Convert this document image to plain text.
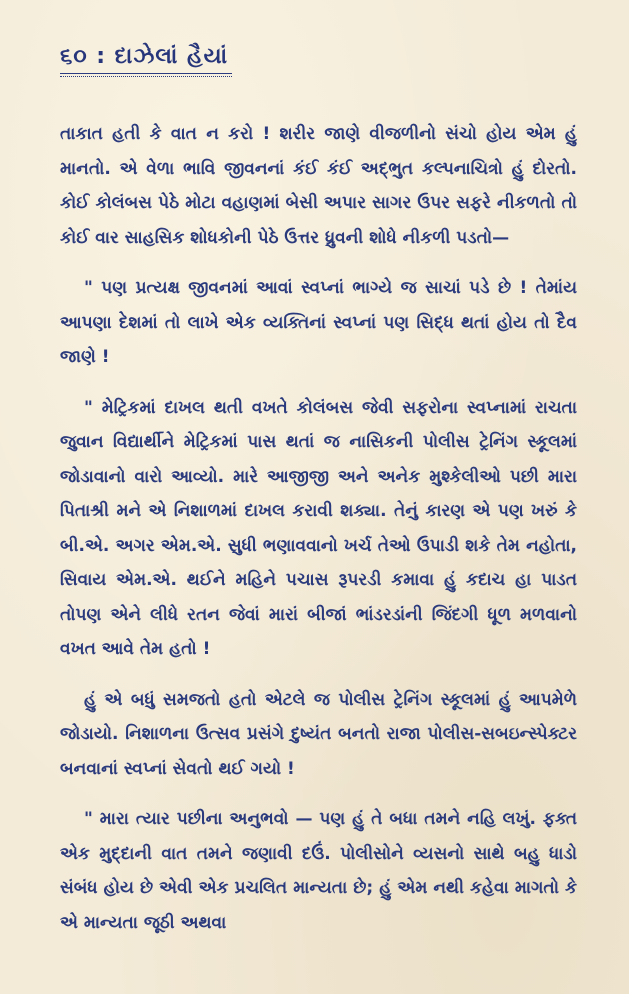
૬૦ : દાઝેલાં હૈયાં

તાકાત હતી કે વાત ન કરો ! શરીર જાણે વીજળીનો સંચો હોય એમ હું માનતો. એ વેળા ભાવિ જીવનનાં કંઈ કંઈ અદ્ભુત કલ્પનાચિત્રો હું દોરતો. કોઈ કોલંબસ પેઠે મોટા વહાણમાં બેસી અપાર સાગર ઉપર સફરે નીકળતો તો કોઈ વાર સાહસિક શોધકોની પેઠે ઉત્તર ધ્રુવની શોધે નીકળી પડતો—

" પણ પ્રત્યક્ષ જીવનમાં આવાં સ્વપ્નાં ભાગ્યે જ સાચાં પડે છે ! તેમાંય આપણા દેશમાં તો લાખે એક વ્યક્તિનાં સ્વપ્નાં પણ સિદ્ધ થતાં હોય તો દૈવ જાણે !

" મેટ્રિકમાં દાખલ થતી વખતે કોલંબસ જેવી સફરોના સ્વપ્નામાં રાચતા જુવાન વિદ્યાર્થીને મેટ્રિકમાં પાસ થતાં જ નાસિકની પોલીસ ટ્રેનિંગ સ્કૂલમાં જોડાવાનો વારો આવ્યો. મારે આજીજી અને અનેક મુશ્કેલીઓ પછી મારા પિતાશ્રી મને એ નિશાળમાં દાખલ કરાવી શક્યા. તેનું કારણ એ પણ ખરું કે બી.એ. અગર એમ.એ. સુધી ભણાવવાનો ખર્ચ તેઓ ઉપાડી શકે તેમ નહોતા, સિવાય એમ.એ. થઈને મહિને પચાસ રૂપરડી કમાવા હું કદાચ હા પાડત તોપણ એને લીધે રતન જેવાં મારાં બીજાં ભાંડરડાંની જિંદગી ધૂળ મળવાનો વખત આવે તેમ હતો !

હું એ બધું સમજતો હતો એટલે જ પોલીસ ટ્રેનિંગ સ્કૂલમાં હું આપમેળે જોડાયો. નિશાળના ઉત્સવ પ્રસંગે દુષ્યંત બનતો રાજા પોલીસ-સબઇન્સ્પેક્ટર બનવાનાં સ્વપ્નાં સેવતો થઈ ગયો !

" મારા ત્યાર પછીના અનુભવો — પણ હું તે બધા તમને નહિ લખું. ફક્ત એક મુદ્દાની વાત તમને જણાવી દઉં. પોલીસોને વ્યસનો સાથે બહુ ધાડો સંબંધ હોય છે એવી એક પ્રચલિત માન્યતા છે; હું એમ નથી કહેવા માગતો કે એ માન્યતા જૂઠી અથવા
